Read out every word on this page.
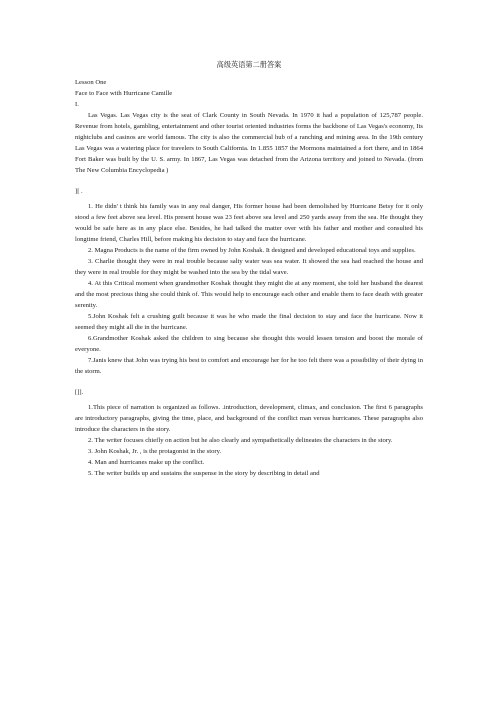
高级英语第二册答案
Lesson One
Face to Face with Hurricane Camille
I.

Las Vegas. Las Vegas city is the seat of Clark County in South Nevada. In 1970 it had a population of 125,787 people. Revenue from hotels, gambling, entertainment and other tourist oriented industries forms the backbone of Las Vegas's economy, Its nightclubs and casinos are world famous. The city is also the commercial hub of a ranching and mining area. In the 19th century Las Vegas was a watering place for travelers to South California. In 1.855 1857 the Mormons maintained a fort there, and in 1864 Fort Baker was built by the U. S. army. In 1867, Las Vegas was detached from the Arizona territory and joined to Nevada. (from The New Columbia Encyclopedia )

][ .

1. He didn' t think his family was in any real danger, His former house had been demolished by Hurricane Betsy for it only stood a few feet above sea level. His present house was 23 feet above sea level and 250 yards away from the sea. He thought they would be safe here as in any place else. Besides, he had talked the matter over with his father and mother and consulted his longtime friend, Charles Hill, before making his decision to stay and face the hurricane.

2. Magna Products is the name of the firm owned by John Koshak. It designed and developed educational toys and supplies.

3. Charlie thought they were in real trouble because salty water was sea water. It showed the sea had reached the house and they were in real trouble for they might be washed into the sea by the tidal wave.

4. At this Critical moment when grandmother Koshak thought they might die at any moment, she told her husband the dearest and the most precious thing she could think of. This would help to encourage each other and enable them to face death with greater serenity.

5.John Koshak felt a crushing guilt because it was he who made the final decision to stay and face the hurricane. Now it seemed they might all die in the hurricane.

6.Grandmother Koshak asked the children to sing because she thought this would lessen tension and boost the morale of everyone.

7.Janis knew that John was trying his best to comfort and encourage her for he too felt there was a possibility of their dying in the storm.

[]].

1.This piece of narration is organized as follows. .introduction, development, climax, and conclusion. The first 6 paragraphs are introductory paragraphs, giving the time, place, and background of the conflict man versus hurricanes. These paragraphs also introduce the characters in the story.

2. The writer focuses chiefly on action but he also clearly and sympathetically delineates the characters in the story.

3. John Koshak, Jr. , is the protagonist in the story.

4. Man and hurricanes make up the conflict.

5. The writer builds up and sustains the suspense in the story by describing in detail and
